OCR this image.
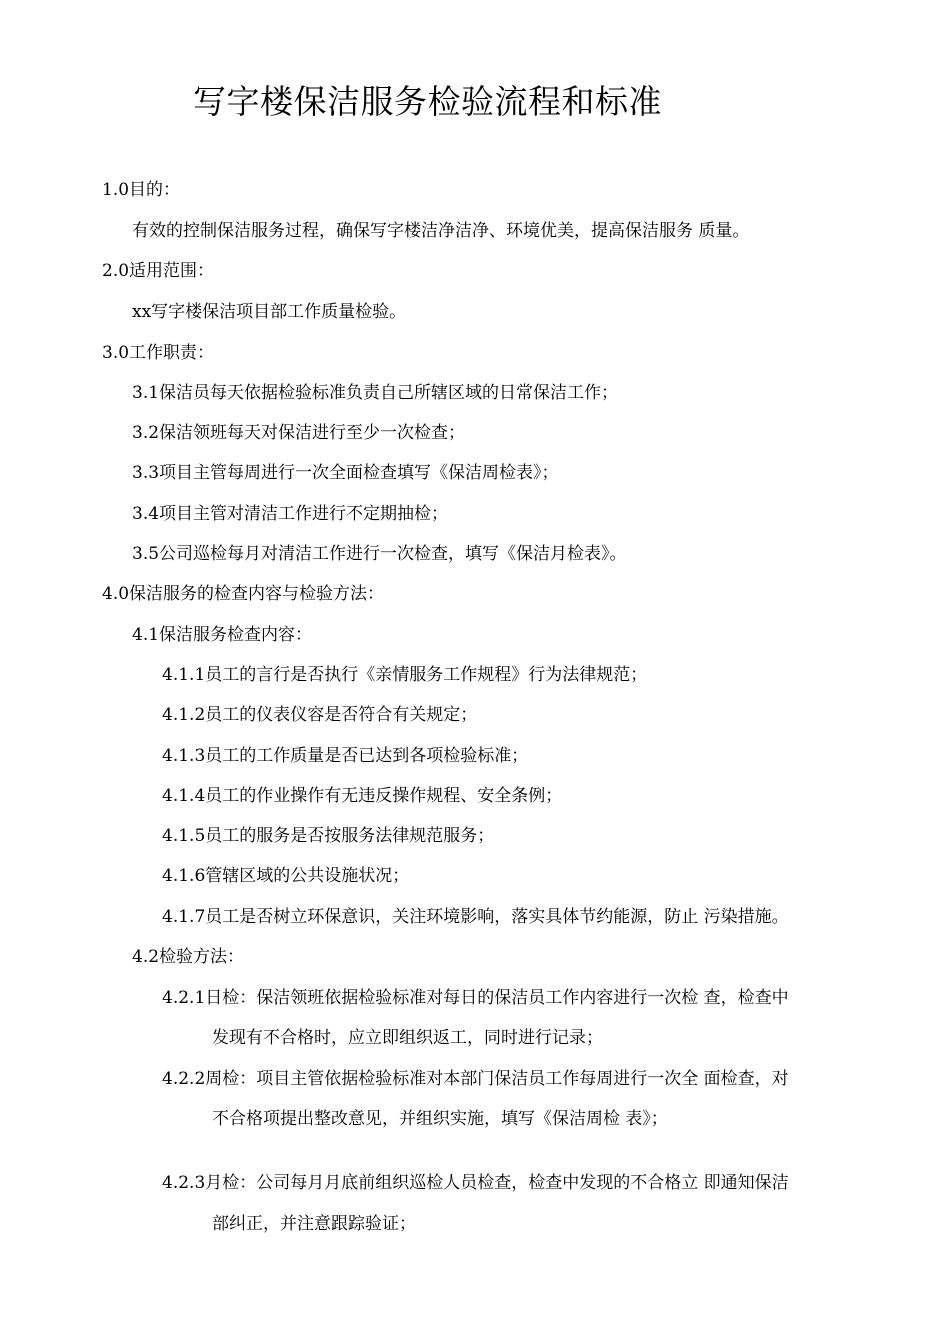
写字楼保洁服务检验流程和标准
1.0目的：
有效的控制保洁服务过程，确保写字楼洁净洁净、环境优美，提高保洁服务 质量。
2.0适用范围：
xx写字楼保洁项目部工作质量检验。
3.0工作职责：
3.1保洁员每天依据检验标准负责自己所辖区域的日常保洁工作；
3.2保洁领班每天对保洁进行至少一次检查；
3.3项目主管每周进行一次全面检查填写《保洁周检表》；
3.4项目主管对清洁工作进行不定期抽检；
3.5公司巡检每月对清洁工作进行一次检查，填写《保洁月检表》。
4.0保洁服务的检查内容与检验方法：
4.1保洁服务检查内容：
4.1.1员工的言行是否执行《亲情服务工作规程》行为法律规范；
4.1.2员工的仪表仪容是否符合有关规定；
4.1.3员工的工作质量是否已达到各项检验标准；
4.1.4员工的作业操作有无违反操作规程、安全条例；
4.1.5员工的服务是否按服务法律规范服务；
4.1.6管辖区域的公共设施状况；
4.1.7员工是否树立环保意识，关注环境影响，落实具体节约能源，防止 污染措施。
4.2检验方法：
4.2.1日检：保洁领班依据检验标准对每日的保洁员工作内容进行一次检 查，检查中
发现有不合格时，应立即组织返工，同时进行记录；
4.2.2周检：项目主管依据检验标准对本部门保洁员工作每周进行一次全 面检查，对
不合格项提出整改意见，并组织实施，填写《保洁周检 表》；
4.2.3月检：公司每月月底前组织巡检人员检查，检查中发现的不合格立 即通知保洁
部纠正，并注意跟踪验证；
